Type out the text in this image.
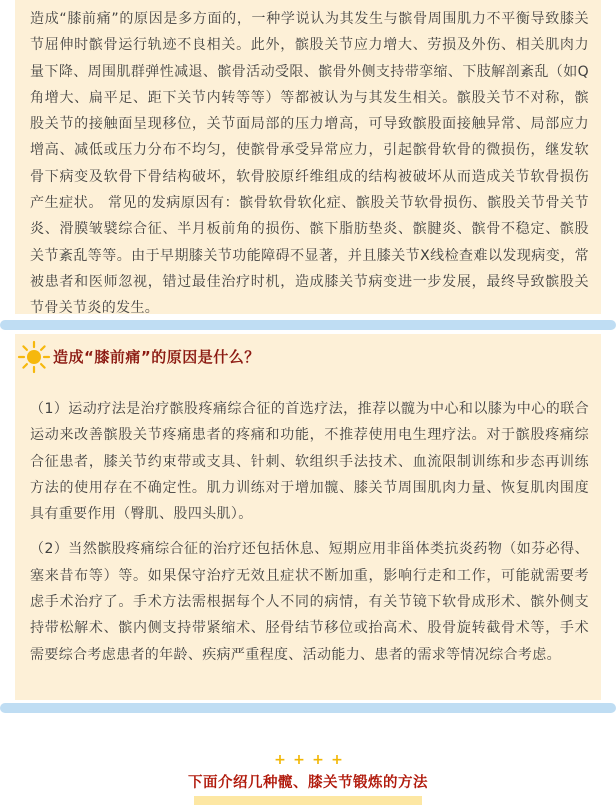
造成“膝前痛”的原因是多方面的，一种学说认为其发生与髌骨周围肌力不平衡导致膝关节屈伸时髌骨运行轨迹不良相关。此外，髌股关节应力增大、劳损及外伤、相关肌肉力量下降、周围肌群弹性减退、髌骨活动受限、髌骨外侧支持带挛缩、下肢解剖紊乱（如Q角增大、扁平足、距下关节内转等等）等都被认为与其发生相关。髌股关节不对称，髌股关节的接触面呈现移位，关节面局部的压力增高，可导致髌股面接触异常、局部应力增高、减低或压力分布不均匀，使髌骨承受异常应力，引起髌骨软骨的微损伤，继发软骨下病变及软骨下骨结构破坏，软骨胶原纤维组成的结构被破坏从而造成关节软骨损伤产生症状。 常见的发病原因有：髌骨软骨软化症、髌股关节软骨损伤、髌股关节骨关节炎、滑膜皱襞综合征、半月板前角的损伤、髌下脂肪垫炎、髌腱炎、髌骨不稳定、髌股关节紊乱等等。由于早期膝关节功能障碍不显著，并且膝关节X线检查难以发现病变，常被患者和医师忽视，错过最佳治疗时机，造成膝关节病变进一步发展，最终导致髌股关节骨关节炎的发生。

造成“膝前痛”的原因是什么？

（1）运动疗法是治疗髌股疼痛综合征的首选疗法，推荐以髋为中心和以膝为中心的联合运动来改善髌股关节疼痛患者的疼痛和功能，不推荐使用电生理疗法。对于髌股疼痛综合征患者，膝关节约束带或支具、针刺、软组织手法技术、血流限制训练和步态再训练方法的使用存在不确定性。肌力训练对于增加髋、膝关节周围肌肉力量、恢复肌肉围度具有重要作用（臀肌、股四头肌）。

（2）当然髌股疼痛综合征的治疗还包括休息、短期应用非甾体类抗炎药物（如芬必得、塞来昔布等）等。如果保守治疗无效且症状不断加重，影响行走和工作，可能就需要考虑手术治疗了。手术方法需根据每个人不同的病情，有关节镜下软骨成形术、髌外侧支持带松解术、髌内侧支持带紧缩术、胫骨结节移位或抬高术、股骨旋转截骨术等，手术需要综合考虑患者的年龄、疾病严重程度、活动能力、患者的需求等情况综合考虑。

+ + + +
下面介绍几种髋、膝关节锻炼的方法
